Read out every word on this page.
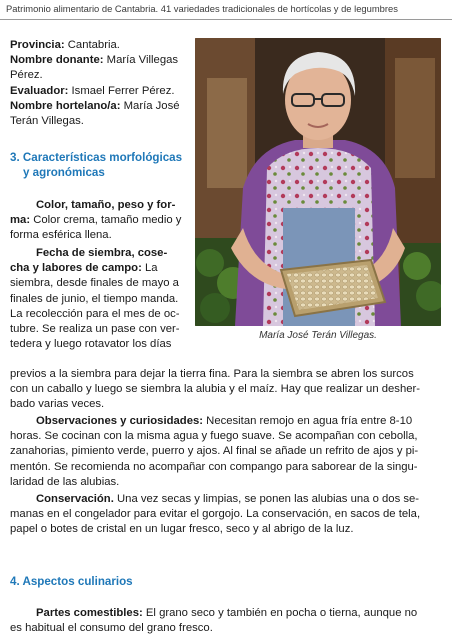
Patrimonio alimentario de Cantabria. 41 variedades tradicionales de hortícolas y de legumbres
Provincia: Cantabria.
Nombre donante: María Villegas
Pérez.
Evaluador: Ismael Ferrer Pérez.
Nombre hortelano/a: María José
Terán Villegas.
3. Características morfológicas
y agronómicas
Color, tamaño, peso y for-
ma: Color crema, tamaño medio y
forma esférica llena.
Fecha de siembra, cose-
cha y labores de campo: La
siembra, desde finales de mayo a
finales de junio, el tiempo manda.
La recolección para el mes de oc-
tubre. Se realiza un pase con ver-
tedera y luego rotavator los días
María José Terán Villegas.
previos a la siembra para dejar la tierra fina. Para la siembra se abren los surcos
con un caballo y luego se siembra la alubia y el maíz. Hay que realizar un desher-
bado varias veces.
Observaciones y curiosidades: Necesitan remojo en agua fría entre 8-10
horas. Se cocinan con la misma agua y fuego suave. Se acompañan con cebolla,
zanahorias, pimiento verde, puerro y ajos. Al final se añade un refrito de ajos y pi-
mentón. Se recomienda no acompañar con compango para saborear de la singu-
laridad de las alubias.
Conservación. Una vez secas y limpias, se ponen las alubias una o dos se-
manas en el congelador para evitar el gorgojo. La conservación, en sacos de tela,
papel o botes de cristal en un lugar fresco, seco y al abrigo de la luz.
4. Aspectos culinarios
Partes comestibles: El grano seco y también en pocha o tierna, aunque no
es habitual el consumo del grano fresco.
